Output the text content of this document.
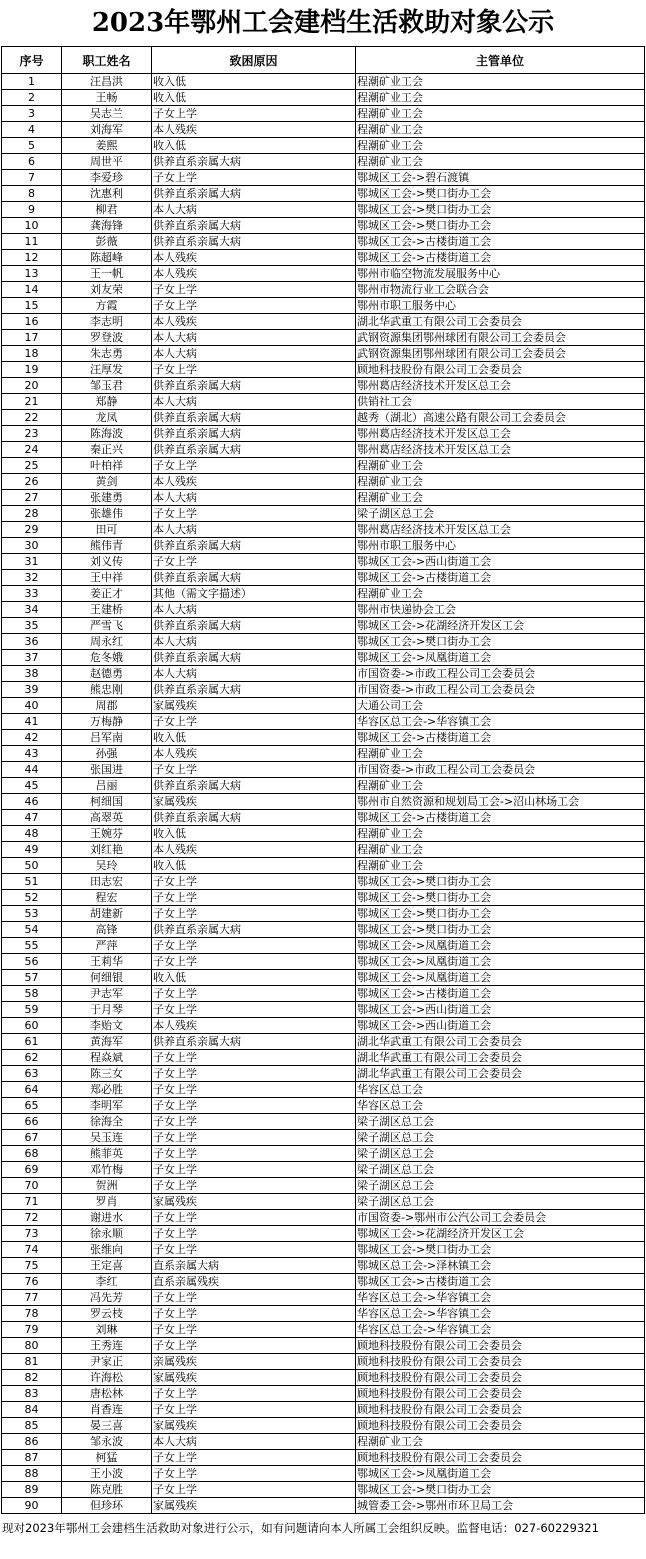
2023年鄂州工会建档生活救助对象公示
序号	职工姓名	致困原因	主管单位
1	汪昌洪	收入低	程潮矿业工会
2	王畅	收入低	程潮矿业工会
3	吴志兰	子女上学	程潮矿业工会
4	刘海军	本人残疾	程潮矿业工会
5	姜熙	收入低	程潮矿业工会
6	周世平	供养直系亲属大病	程潮矿业工会
7	李爱珍	子女上学	鄂城区工会->碧石渡镇
8	沈惠利	供养直系亲属大病	鄂城区工会->樊口街办工会
9	柳君	本人大病	鄂城区工会->樊口街办工会
10	龚海锋	供养直系亲属大病	鄂城区工会->樊口街办工会
11	彭薇	供养直系亲属大病	鄂城区工会->古楼街道工会
12	陈超峰	本人残疾	鄂城区工会->古楼街道工会
13	王一帆	本人残疾	鄂州市临空物流发展服务中心
14	刘友荣	子女上学	鄂州市物流行业工会联合会
15	方霞	子女上学	鄂州市职工服务中心
16	李志明	本人残疾	湖北华武重工有限公司工会委员会
17	罗登波	本人大病	武钢资源集团鄂州球团有限公司工会委员会
18	朱志勇	本人大病	武钢资源集团鄂州球团有限公司工会委员会
19	汪厚发	子女上学	顾地科技股份有限公司工会委员会
20	邹玉君	供养直系亲属大病	鄂州葛店经济技术开发区总工会
21	郑静	本人大病	供销社工会
22	龙凤	供养直系亲属大病	越秀（湖北）高速公路有限公司工会委员会
23	陈海波	供养直系亲属大病	鄂州葛店经济技术开发区总工会
24	秦正兴	供养直系亲属大病	鄂州葛店经济技术开发区总工会
25	叶柏祥	子女上学	程潮矿业工会
26	黄剑	本人残疾	程潮矿业工会
27	张建勇	本人大病	程潮矿业工会
28	张雄伟	子女上学	梁子湖区总工会
29	田可	本人大病	鄂州葛店经济技术开发区总工会
30	熊伟青	供养直系亲属大病	鄂州市职工服务中心
31	刘义传	子女上学	鄂城区工会->西山街道工会
32	王中祥	供养直系亲属大病	鄂城区工会->古楼街道工会
33	姜正才	其他（需文字描述）	程潮矿业工会
34	王建桥	本人大病	鄂州市快递协会工会
35	严雪飞	供养直系亲属大病	鄂城区工会->花湖经济开发区工会
36	周永红	本人大病	鄂城区工会->樊口街办工会
37	危冬娥	供养直系亲属大病	鄂城区工会->凤凰街道工会
38	赵德勇	本人大病	市国资委->市政工程公司工会委员会
39	熊忠刚	供养直系亲属大病	市国资委->市政工程公司工会委员会
40	周郡	家属残疾	大通公司工会
41	万梅静	子女上学	华容区总工会->华容镇工会
42	吕军南	收入低	鄂城区工会->古楼街道工会
43	孙强	本人残疾	程潮矿业工会
44	张国进	子女上学	市国资委->市政工程公司工会委员会
45	吕丽	供养直系亲属大病	程潮矿业工会
46	柯细国	家属残疾	鄂州市自然资源和规划局工会->沼山林场工会
47	高翠英	供养直系亲属大病	鄂城区工会->古楼街道工会
48	王婉芬	收入低	程潮矿业工会
49	刘红艳	本人残疾	程潮矿业工会
50	吴玲	收入低	程潮矿业工会
51	田志宏	子女上学	鄂城区工会->樊口街办工会
52	程宏	子女上学	鄂城区工会->樊口街办工会
53	胡建新	子女上学	鄂城区工会->樊口街办工会
54	高锋	供养直系亲属大病	鄂城区工会->樊口街办工会
55	严萍	子女上学	鄂城区工会->凤凰街道工会
56	王莉华	子女上学	鄂城区工会->凤凰街道工会
57	何细银	收入低	鄂城区工会->凤凰街道工会
58	尹志军	子女上学	鄂城区工会->古楼街道工会
59	于月琴	子女上学	鄂城区工会->西山街道工会
60	李贻文	本人残疾	鄂城区工会->西山街道工会
61	黄海军	供养直系亲属大病	湖北华武重工有限公司工会委员会
62	程焱斌	子女上学	湖北华武重工有限公司工会委员会
63	陈三女	子女上学	湖北华武重工有限公司工会委员会
64	郑必胜	子女上学	华容区总工会
65	李明军	子女上学	华容区总工会
66	徐海全	子女上学	梁子湖区总工会
67	吴玉连	子女上学	梁子湖区总工会
68	熊菲英	子女上学	梁子湖区总工会
69	邓竹梅	子女上学	梁子湖区总工会
70	贺洲	子女上学	梁子湖区总工会
71	罗肖	家属残疾	梁子湖区总工会
72	谢进水	子女上学	市国资委->鄂州市公汽公司工会委员会
73	徐永顺	子女上学	鄂城区工会->花湖经济开发区工会
74	张维向	子女上学	鄂城区工会->樊口街办工会
75	王定喜	直系亲属大病	鄂城区总工会->泽林镇工会
76	李红	直系亲属残疾	鄂城区工会->古楼街道工会
77	冯先芳	子女上学	华容区总工会->华容镇工会
78	罗云枝	子女上学	华容区总工会->华容镇工会
79	刘琳	子女上学	华容区总工会->华容镇工会
80	王秀连	子女上学	顾地科技股份有限公司工会委员会
81	尹家正	亲属残疾	顾地科技股份有限公司工会委员会
82	许海松	家属残疾	顾地科技股份有限公司工会委员会
83	唐松林	子女上学	顾地科技股份有限公司工会委员会
84	肖香连	子女上学	顾地科技股份有限公司工会委员会
85	晏三喜	家属残疾	顾地科技股份有限公司工会委员会
86	邹永波	本人大病	程潮矿业工会
87	柯猛	子女上学	顾地科技股份有限公司工会委员会
88	王小波	子女上学	鄂城区工会->凤凰街道工会
89	陈克胜	子女上学	鄂城区工会->樊口街办工会
90	但珍环	家属残疾	城管委工会->鄂州市环卫局工会
现对2023年鄂州工会建档生活救助对象进行公示，如有问题请向本人所属工会组织反映。监督电话：027-60229321
